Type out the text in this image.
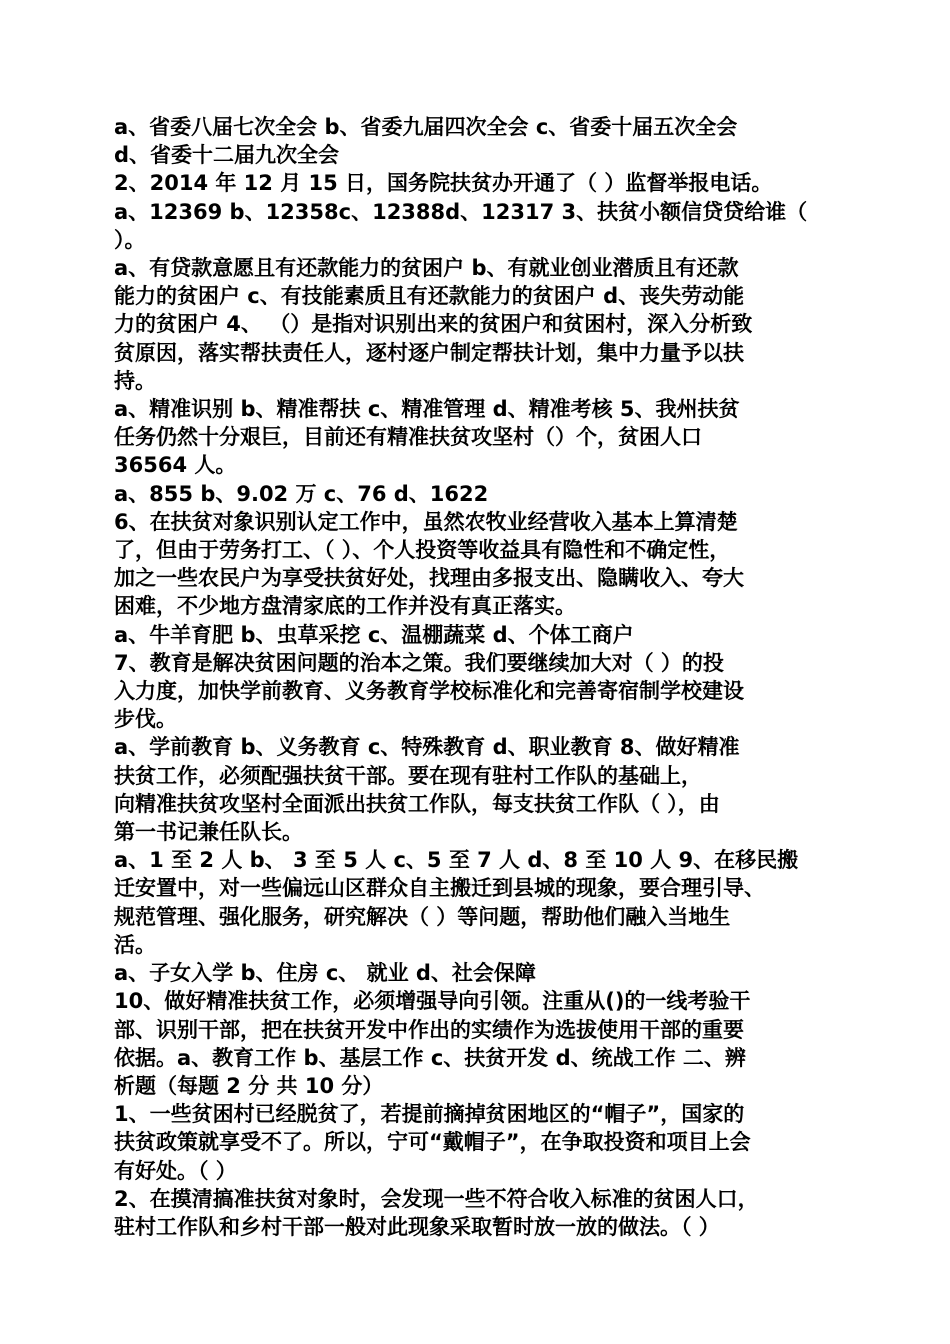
a、省委八届七次全会 b、省委九届四次全会 c、省委十届五次全会

d、省委十二届九次全会

2、2014 年 12 月 15 日，国务院扶贫办开通了（ ）监督举报电话。

a、12369 b、12358c、12388d、12317 3、扶贫小额信贷贷给谁（

）。

a、有贷款意愿且有还款能力的贫困户 b、有就业创业潜质且有还款

能力的贫困户 c、有技能素质且有还款能力的贫困户 d、丧失劳动能

力的贫困户 4、 （）是指对识别出来的贫困户和贫困村，深入分析致

贫原因，落实帮扶责任人，逐村逐户制定帮扶计划，集中力量予以扶

持。

a、精准识别 b、精准帮扶 c、精准管理 d、精准考核 5、我州扶贫

任务仍然十分艰巨，目前还有精准扶贫攻坚村（）个，贫困人口

36564 人。

a、855 b、9.02 万 c、76 d、1622

6、在扶贫对象识别认定工作中，虽然农牧业经营收入基本上算清楚

了，但由于劳务打工、（ ）、个人投资等收益具有隐性和不确定性，

加之一些农民户为享受扶贫好处，找理由多报支出、隐瞒收入、夸大

困难，不少地方盘清家底的工作并没有真正落实。

a、牛羊育肥 b、虫草采挖 c、温棚蔬菜 d、个体工商户

7、教育是解决贫困问题的治本之策。我们要继续加大对（ ）的投

入力度，加快学前教育、义务教育学校标准化和完善寄宿制学校建设

步伐。

a、学前教育 b、义务教育 c、特殊教育 d、职业教育 8、做好精准

扶贫工作，必须配强扶贫干部。要在现有驻村工作队的基础上，

向精准扶贫攻坚村全面派出扶贫工作队，每支扶贫工作队（ ），由

第一书记兼任队长。

a、1 至 2 人 b、 3 至 5 人 c、5 至 7 人 d、8 至 10 人 9、在移民搬

迁安置中，对一些偏远山区群众自主搬迁到县城的现象，要合理引导、

规范管理、强化服务，研究解决（ ）等问题，帮助他们融入当地生

活。

a、子女入学 b、住房 c、 就业 d、社会保障

10、做好精准扶贫工作，必须增强导向引领。注重从()的一线考验干

部、识别干部，把在扶贫开发中作出的实绩作为选拔使用干部的重要

依据。a、教育工作 b、基层工作 c、扶贫开发 d、统战工作 二、辨

析题（每题 2 分 共 10 分）

1、一些贫困村已经脱贫了，若提前摘掉贫困地区的“帽子”，国家的

扶贫政策就享受不了。所以，宁可“戴帽子”，在争取投资和项目上会

有好处。（ ）

2、在摸清搞准扶贫对象时，会发现一些不符合收入标准的贫困人口，

驻村工作队和乡村干部一般对此现象采取暂时放一放的做法。（ ）
